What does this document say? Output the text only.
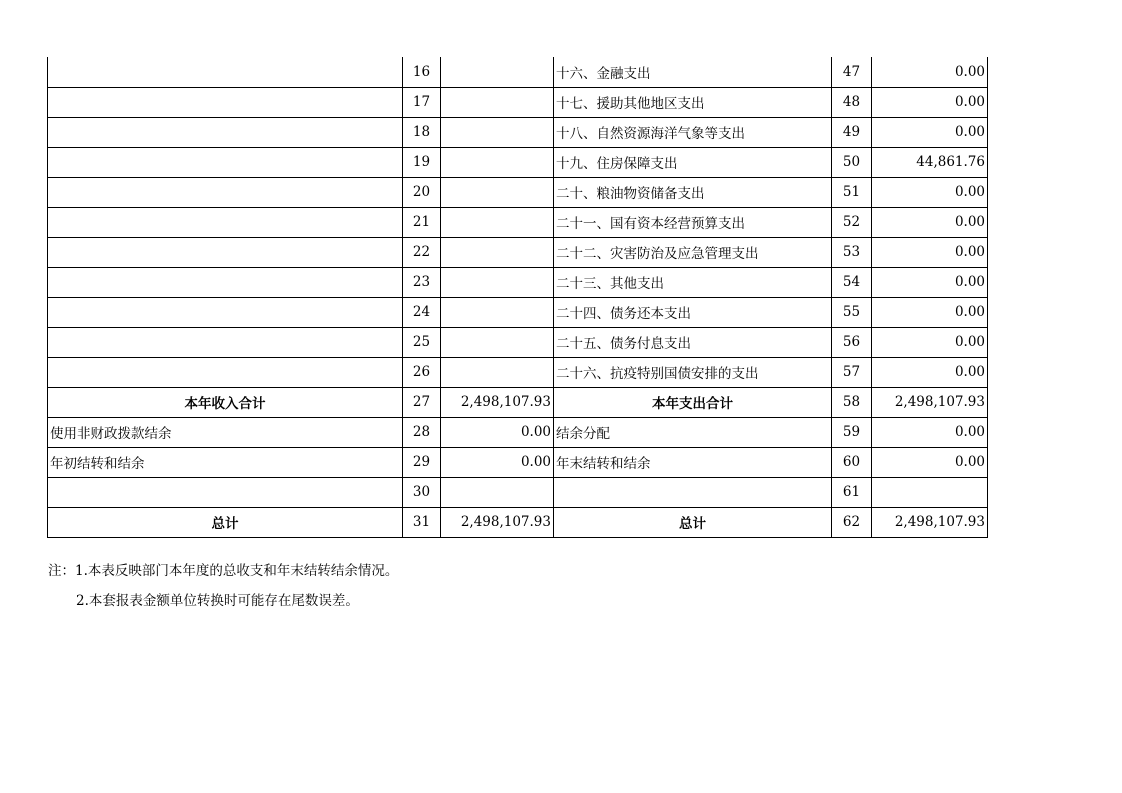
	16		十六、金融支出	47	0.00
	17		十七、援助其他地区支出	48	0.00
	18		十八、自然资源海洋气象等支出	49	0.00
	19		十九、住房保障支出	50	44,861.76
	20		二十、粮油物资储备支出	51	0.00
	21		二十一、国有资本经营预算支出	52	0.00
	22		二十二、灾害防治及应急管理支出	53	0.00
	23		二十三、其他支出	54	0.00
	24		二十四、债务还本支出	55	0.00
	25		二十五、债务付息支出	56	0.00
	26		二十六、抗疫特别国债安排的支出	57	0.00
本年收入合计	27	2,498,107.93	本年支出合计	58	2,498,107.93
使用非财政拨款结余	28	0.00	结余分配	59	0.00
年初结转和结余	29	0.00	年末结转和结余	60	0.00
	30			61	
总计	31	2,498,107.93	总计	62	2,498,107.93
注：1.本表反映部门本年度的总收支和年末结转结余情况。
2.本套报表金额单位转换时可能存在尾数误差。
